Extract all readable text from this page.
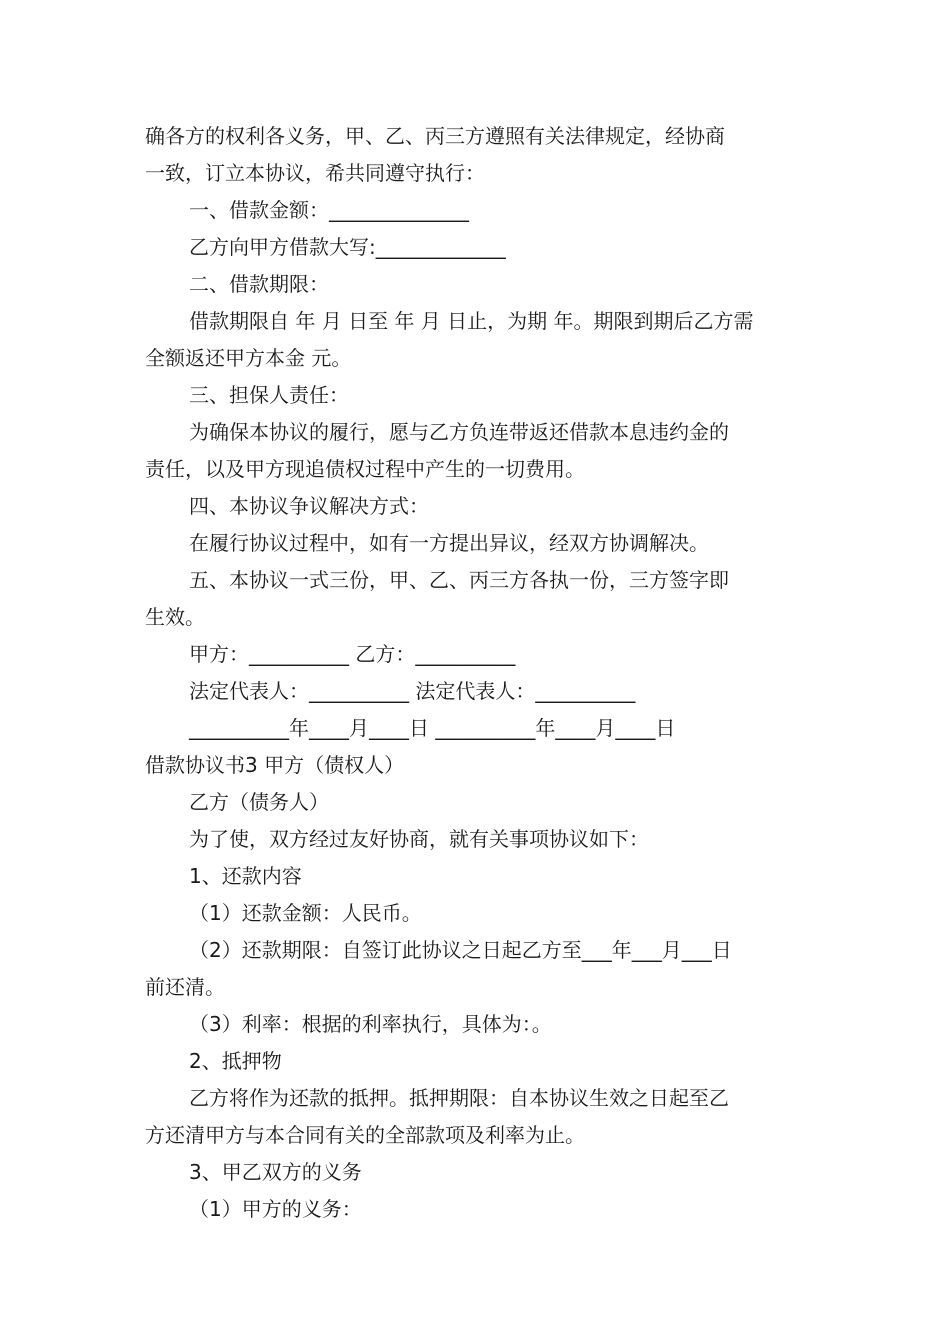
确各方的权利各义务，甲、乙、丙三方遵照有关法律规定，经协商
一致，订立本协议，希共同遵守执行：
一、借款金额：______________
乙方向甲方借款大写:_____________
二、借款期限：
借款期限自 年 月 日至 年 月 日止，为期 年。期限到期后乙方需
全额返还甲方本金 元。
三、担保人责任：
为确保本协议的履行，愿与乙方负连带返还借款本息违约金的
责任，以及甲方现追债权过程中产生的一切费用。
四、本协议争议解决方式：
在履行协议过程中，如有一方提出异议，经双方协调解决。
五、本协议一式三份，甲、乙、丙三方各执一份，三方签字即
生效。
甲方：__________ 乙方：__________
法定代表人：__________ 法定代表人：__________
__________年____月____日 __________年____月____日
借款协议书3 甲方（债权人）
乙方（债务人）
为了使，双方经过友好协商，就有关事项协议如下：
1、还款内容
（1）还款金额：人民币。
（2）还款期限：自签订此协议之日起乙方至___年___月___日
前还清。
（3）利率：根据的利率执行，具体为：。
2、抵押物
乙方将作为还款的抵押。抵押期限：自本协议生效之日起至乙
方还清甲方与本合同有关的全部款项及利率为止。
3、甲乙双方的义务
（1）甲方的义务：
